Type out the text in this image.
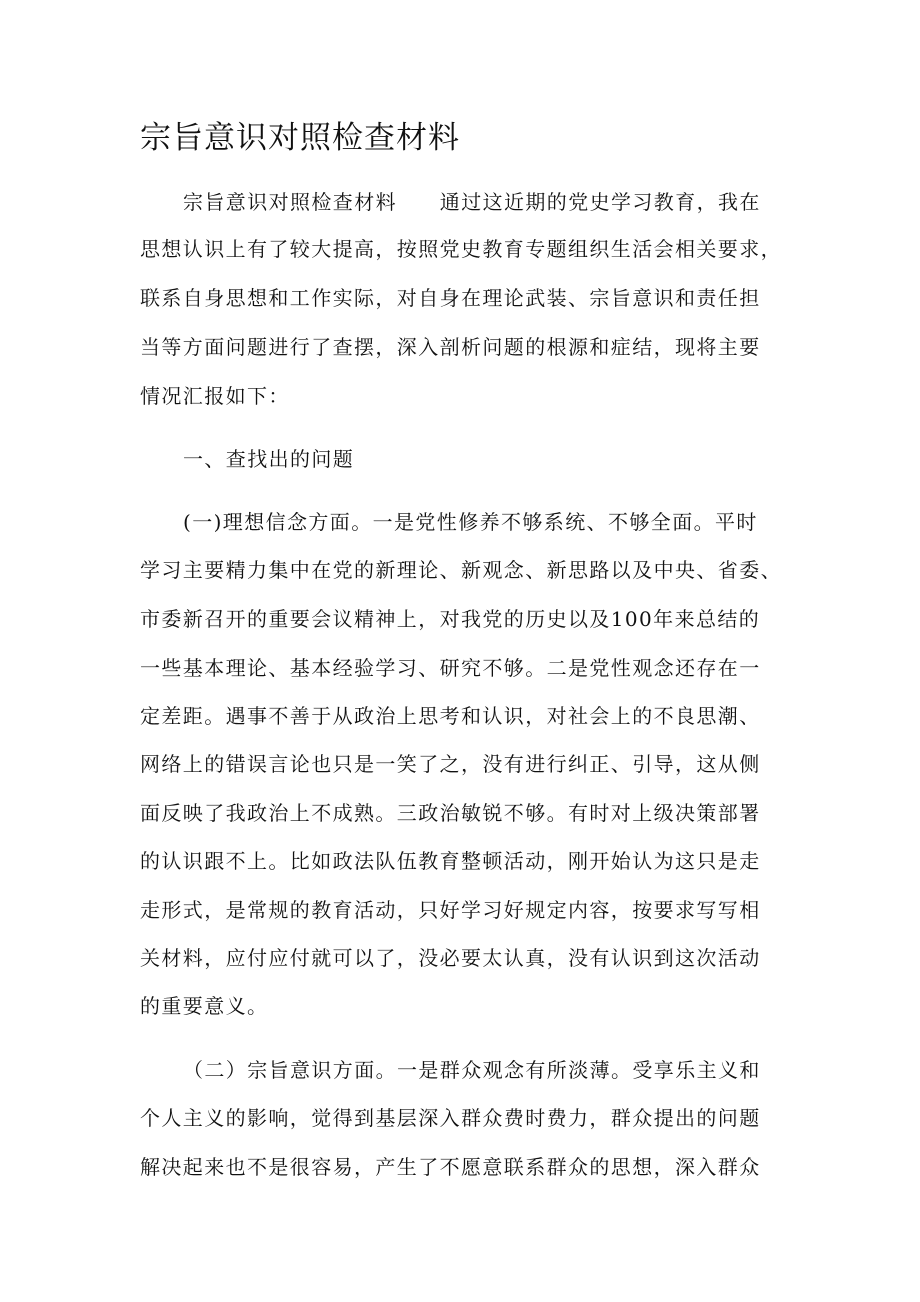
宗旨意识对照检查材料
宗旨意识对照检查材料　　通过这近期的党史学习教育，我在
思想认识上有了较大提高，按照党史教育专题组织生活会相关要求，
联系自身思想和工作实际，对自身在理论武装、宗旨意识和责任担
当等方面问题进行了查摆，深入剖析问题的根源和症结，现将主要
情况汇报如下：
一、查找出的问题
(一)理想信念方面。一是党性修养不够系统、不够全面。平时
学习主要精力集中在党的新理论、新观念、新思路以及中央、省委、
市委新召开的重要会议精神上，对我党的历史以及100年来总结的
一些基本理论、基本经验学习、研究不够。二是党性观念还存在一
定差距。遇事不善于从政治上思考和认识，对社会上的不良思潮、
网络上的错误言论也只是一笑了之，没有进行纠正、引导，这从侧
面反映了我政治上不成熟。三政治敏锐不够。有时对上级决策部署
的认识跟不上。比如政法队伍教育整顿活动，刚开始认为这只是走
走形式，是常规的教育活动，只好学习好规定内容，按要求写写相
关材料，应付应付就可以了，没必要太认真，没有认识到这次活动
的重要意义。
（二）宗旨意识方面。一是群众观念有所淡薄。受享乐主义和
个人主义的影响，觉得到基层深入群众费时费力，群众提出的问题
解决起来也不是很容易，产生了不愿意联系群众的思想，深入群众
